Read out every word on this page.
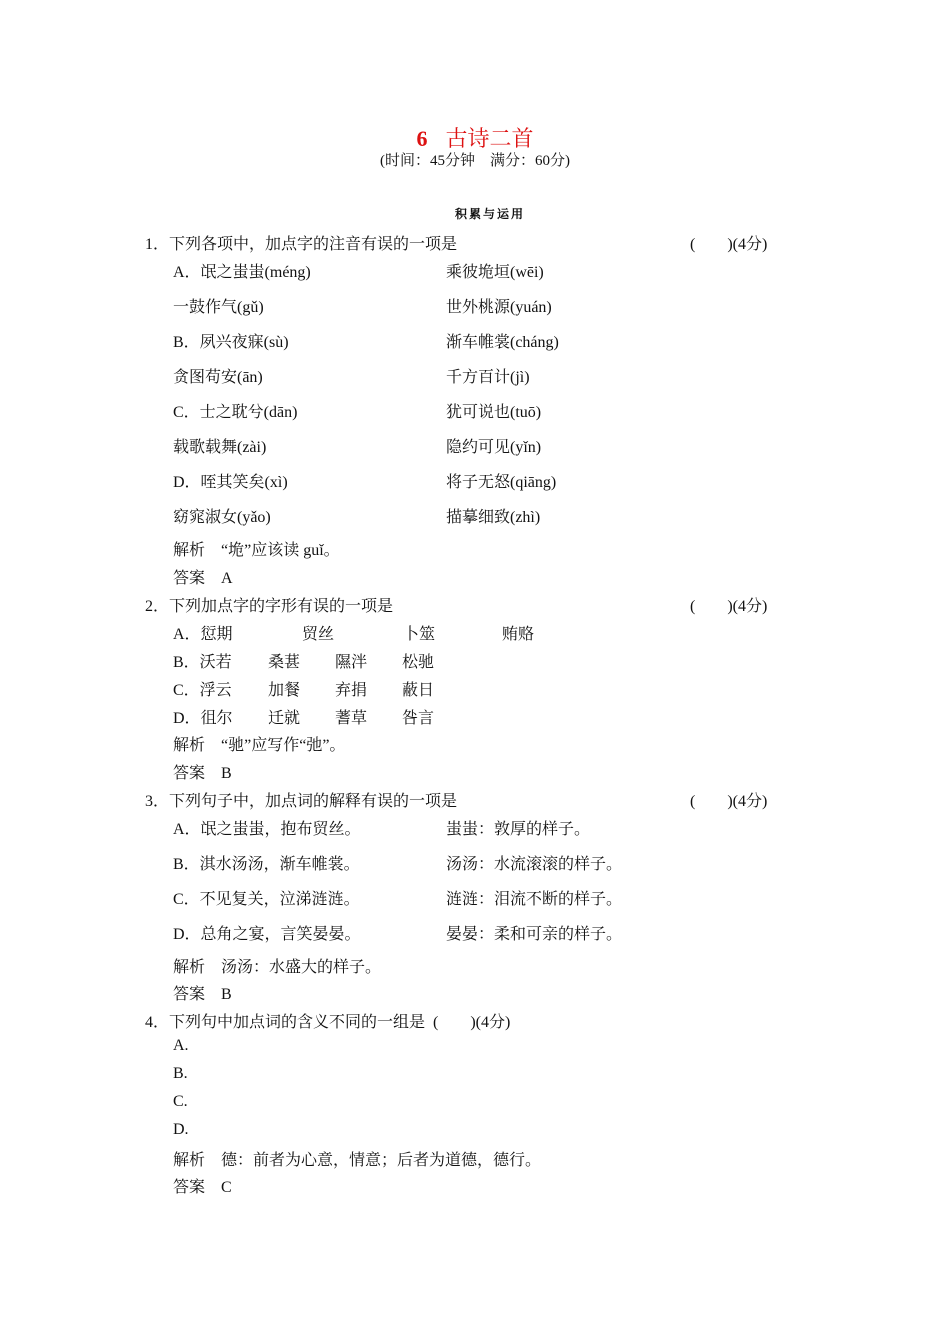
6 古诗二首
(时间：45分钟　满分：60分)
积累与运用
1．下列各项中，加点字的注音有误的一项是	(　　)(4分)
A．氓之蚩蚩(méng)	乘彼垝垣(wēi)
一鼓作气(gǔ)	世外桃源(yuán)
B．夙兴夜寐(sù)	渐车帷裳(cháng)
贪图苟安(ān)	千方百计(jì)
C．士之耽兮(dān)	犹可说也(tuō)
载歌载舞(zài)	隐约可见(yǐn)
D．咥其笑矣(xì)	将子无怒(qiāng)
窈窕淑女(yǎo)	描摹细致(zhì)
解析 “垝”应该读 guǐ。
答案 A
2．下列加点字的字形有误的一项是	(　　)(4分)
A．愆期	贸丝	卜筮	贿赂
B．沃若 桑葚 隰泮 松驰
C．浮云 加餐 弃捐 蔽日
D．徂尔 迁就 蓍草 咎言
解析 “驰”应写作“弛”。
答案 B
3．下列句子中，加点词的解释有误的一项是	(　　)(4分)
A．氓之蚩蚩，抱布贸丝。	蚩蚩：敦厚的样子。
B．淇水汤汤，渐车帷裳。	汤汤：水流滚滚的样子。
C．不见复关，泣涕涟涟。	涟涟：泪流不断的样子。
D．总角之宴，言笑晏晏。	晏晏：柔和可亲的样子。
解析 汤汤：水盛大的样子。
答案 B
4．下列句中加点词的含义不同的一组是 (　　)(4分)
A.
B.
C.
D.
解析 德：前者为心意，情意；后者为道德，德行。
答案 C
